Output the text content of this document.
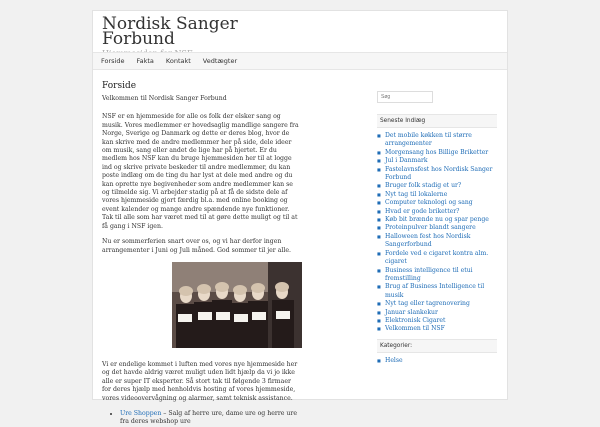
Nordisk Sanger
Forbund
Forside	Fakta	Kontakt	Vedtægter
Forside
Velkommen til Nordisk Sanger Forbund

NSF er en hjemmeside for alle os folk der elsker sang og musik. Vores medlemmer er hovedsaglig mandlige sangere fra Norge, Sverige og Danmark og dette er deres blog, hvor de kan skrive med de andre medlemmer her på side, dele ideer om musik, sang eller andet de lige har på hjertet. Er du medlem hos NSF kan du bruge hjemmesiden her til at logge ind og skrive private beskeder til andre medlemmer, du kan poste indlæg om de ting du har lyst at dele med andre og du kan oprette nye begivenheder som andre medlemmer kan se og tilmelde sig. Vi arbejder stadig på at få de sidste dele af vores hjemmeside gjort færdig bl.a. med online booking og event kalender og mange andre spændende nye funktioner. Tak til alle som har været med til at gøre dette muligt og til at få gang i NSF igen.

Nu er sommerferien snart over os, og vi har derfor ingen arrangementer i Juni og Juli måned. God sommer til jer alle.

Vi er endelige kommet i luften med vores nye hjemmeside her og det havde aldrig været muligt uden lidt hjælp da vi jo ikke alle er super IT eksperter. Så stort tak til følgende 3 firmaer for deres hjælp med henholdvis hosting af vores hjemmeside, vores videoovervågning og alarmer, samt teknisk assistance.

• Ure Shoppen – Salg af herre ure, dame ure og herre ure fra deres webshop ure
Søg
Seneste Indlæg
■ Det mobile køkken til større arrangementer
■ Morgensang hos Billige Briketter
■ Jul i Danmark
■ Fastelavnsfest hos Nordisk Sanger Forbund
■ Bruger folk stadig et ur?
■ Nyt tag til lokalerne
■ Computer teknologi og sang
■ Hvad er gode briketter?
■ Køb bit brænde nu og spar penge
■ Proteinpulver blandt sangere
■ Halloween fest hos Nordisk Sangerforbund
■ Fordele ved e cigaret kontra alm. cigaret
■ Business intelligence til etui fremstilling
■ Brug af Business Intelligence til musik
■ Nyt tag eller tagrenovering
■ Januar slankekur
■ Elektronisk Cigaret
■ Velkommen til NSF
Kategorier:
■ Helse
